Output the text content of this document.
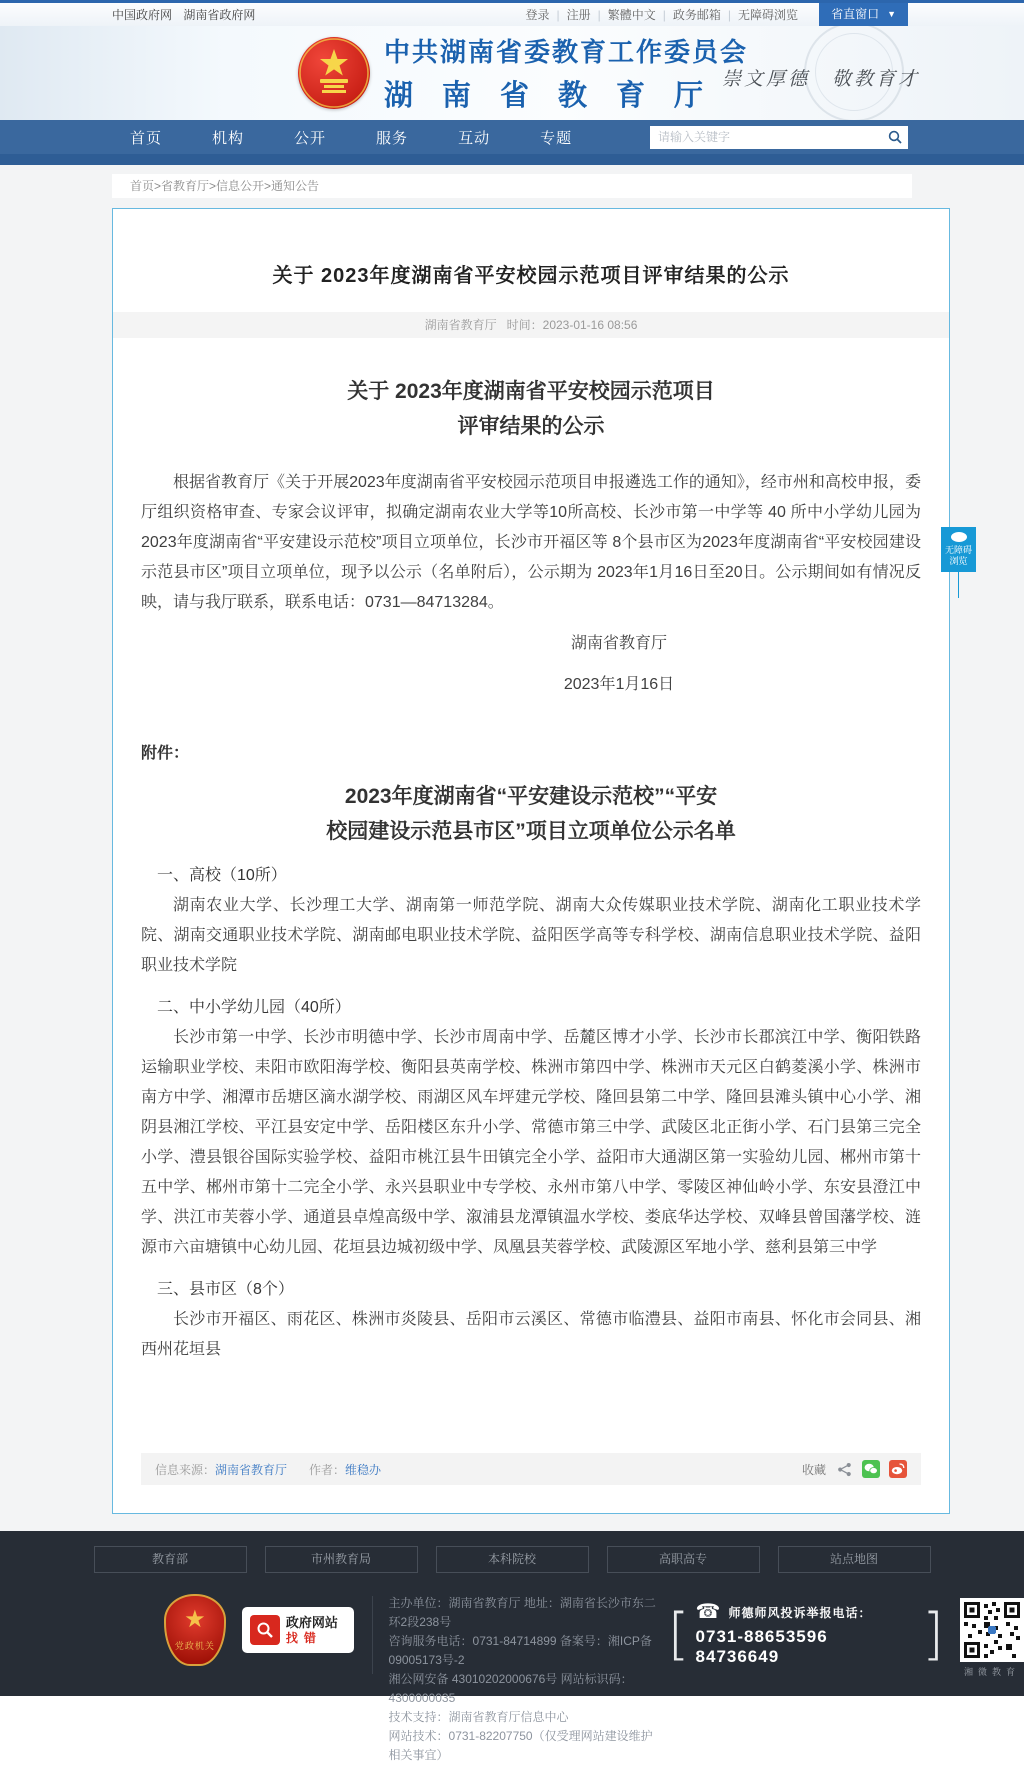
中国政府网 湖南省政府网	登录 | 注册 | 繁體中文 | 政务邮箱 | 无障碍浏览	省直窗口 ▼
中共湖南省委教育工作委员会
湖南省教育厅
崇文厚德　敬教育才
首页	机构	公开	服务	互动	专题
请输入关键字
首页>省教育厅>信息公开>通知公告
关于 2023年度湖南省平安校园示范项目评审结果的公示
湖南省教育厅 时间：2023-01-16 08:56
关于 2023年度湖南省平安校园示范项目
评审结果的公示

根据省教育厅《关于开展2023年度湖南省平安校园示范项目申报遴选工作的通知》，经市州和高校申报，委厅组织资格审查、专家会议评审，拟确定湖南农业大学等10所高校、长沙市第一中学等 40 所中小学幼儿园为2023年度湖南省“平安建设示范校”项目立项单位，长沙市开福区等 8个县市区为2023年度湖南省“平安校园建设示范县市区”项目立项单位，现予以公示（名单附后），公示期为 2023年1月16日至20日。公示期间如有情况反映，请与我厅联系，联系电话：0731—84713284。

湖南省教育厅
2023年1月16日
附件：
2023年度湖南省“平安建设示范校”“平安
校园建设示范县市区”项目立项单位公示名单
一、高校（10所）

湖南农业大学、长沙理工大学、湖南第一师范学院、湖南大众传媒职业技术学院、湖南化工职业技术学院、湖南交通职业技术学院、湖南邮电职业技术学院、益阳医学高等专科学校、湖南信息职业技术学院、益阳职业技术学院

二、中小学幼儿园（40所）

长沙市第一中学、长沙市明德中学、长沙市周南中学、岳麓区博才小学、长沙市长郡滨江中学、衡阳铁路运输职业学校、耒阳市欧阳海学校、衡阳县英南学校、株洲市第四中学、株洲市天元区白鹤菱溪小学、株洲市南方中学、湘潭市岳塘区滴水湖学校、雨湖区风车坪建元学校、隆回县第二中学、隆回县滩头镇中心小学、湘阴县湘江学校、平江县安定中学、岳阳楼区东升小学、常德市第三中学、武陵区北正街小学、石门县第三完全小学、澧县银谷国际实验学校、益阳市桃江县牛田镇完全小学、益阳市大通湖区第一实验幼儿园、郴州市第十五中学、郴州市第十二完全小学、永兴县职业中专学校、永州市第八中学、零陵区神仙岭小学、东安县澄江中学、洪江市芙蓉小学、通道县卓煌高级中学、溆浦县龙潭镇温水学校、娄底华达学校、双峰县曾国藩学校、涟源市六亩塘镇中心幼儿园、花垣县边城初级中学、凤凰县芙蓉学校、武陵源区军地小学、慈利县第三中学

三、县市区（8个）

长沙市开福区、雨花区、株洲市炎陵县、岳阳市云溪区、常德市临澧县、益阳市南县、怀化市会同县、湘西州花垣县

信息来源： 湖南省教育厅 作者： 维稳办	收藏
无障碍
浏览
教育部	市州教育局	本科院校	高职高专	站点地图
★
党政机关
政府网站
找错
主办单位：湖南省教育厅 地址：湖南省长沙市东二环2段238号
咨询服务电话：0731-84714899 备案号：湘ICP备09005173号-2
湘公网安备 43010202000676号 网站标识码：4300000035
技术支持：湖南省教育厅信息中心
网站技术：0731-82207750（仅受理网站建设维护相关事宜）
[ ☎ 师德师风投诉举报电话：
0731-88653596 84736649	]
湘微教育
